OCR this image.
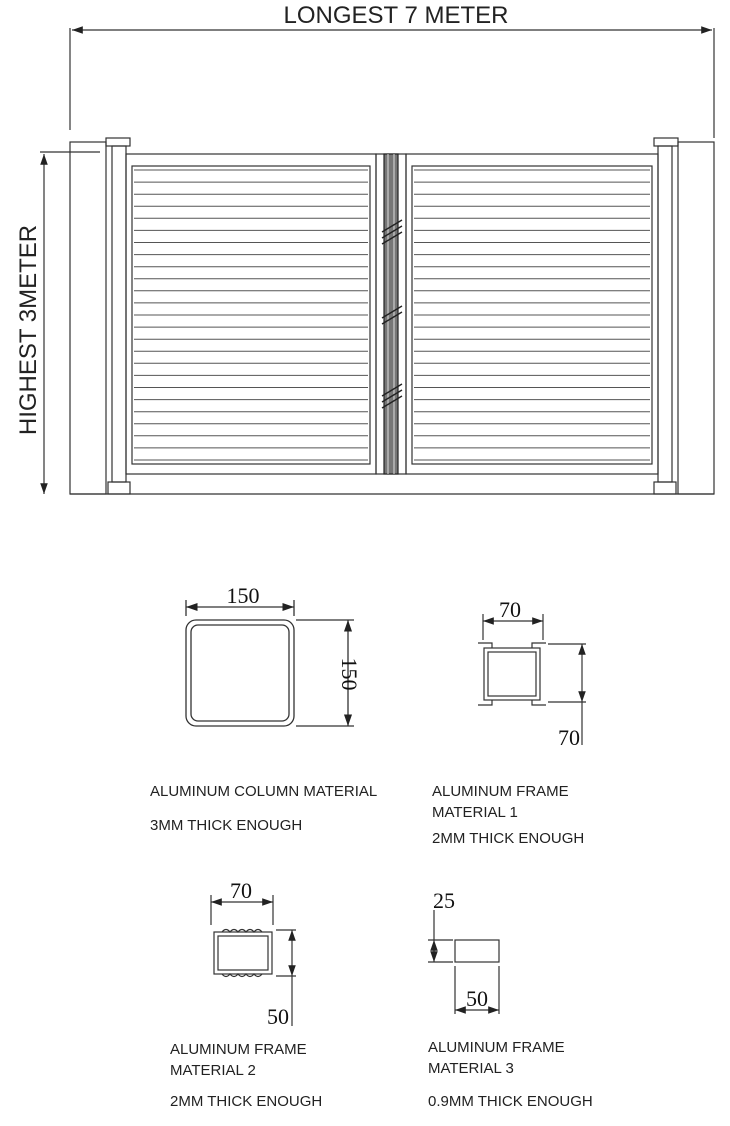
LONGEST 7 METER
HIGHEST 3METER
150
150
70
70
70
50
25
50
ALUMINUM COLUMN MATERIAL
3MM THICK ENOUGH
ALUMINUM FRAME
MATERIAL 1
2MM THICK ENOUGH
ALUMINUM FRAME
MATERIAL 2
2MM THICK ENOUGH
ALUMINUM FRAME
MATERIAL 3
0.9MM THICK ENOUGH
